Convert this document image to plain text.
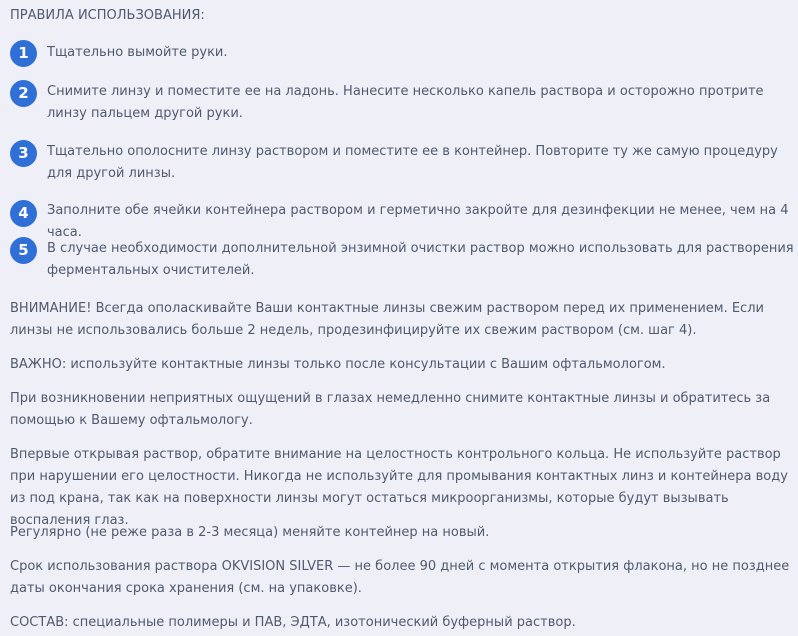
ПРАВИЛА ИСПОЛЬЗОВАНИЯ:
1	Тщательно вымойте руки.
2	Снимите линзу и поместите ее на ладонь. Нанесите несколько капель раствора и осторожно протрите линзу пальцем другой руки.
3	Тщательно ополосните линзу раствором и поместите ее в контейнер. Повторите ту же самую процедуру для другой линзы.
4	Заполните обе ячейки контейнера раствором и герметично закройте для дезинфекции не менее, чем на 4 часа.
5	В случае необходимости дополнительной энзимной очистки раствор можно использовать для растворения ферментальных очистителей.
ВНИМАНИЕ! Всегда ополаскивайте Ваши контактные линзы свежим раствором перед их применением. Если линзы не использовались больше 2 недель, продезинфицируйте их свежим раствором (см. шаг 4).
ВАЖНО: используйте контактные линзы только после консультации с Вашим офтальмологом.
При возникновении неприятных ощущений в глазах немедленно снимите контактные линзы и обратитесь за помощью к Вашему офтальмологу.
Впервые открывая раствор, обратите внимание на целостность контрольного кольца. Не используйте раствор при нарушении его целостности. Никогда не используйте для промывания контактных линз и контейнера воду из под крана, так как на поверхности линзы могут остаться микроорганизмы, которые будут вызывать воспаления глаз.
Регулярно (не реже раза в 2-3 месяца) меняйте контейнер на новый.
Срок использования раствора OKVISION SILVER — не более 90 дней с момента открытия флакона, но не позднее даты окончания срока хранения (см. на упаковке).
СОСТАВ: специальные полимеры и ПАВ, ЭДТА, изотонический буферный раствор.
